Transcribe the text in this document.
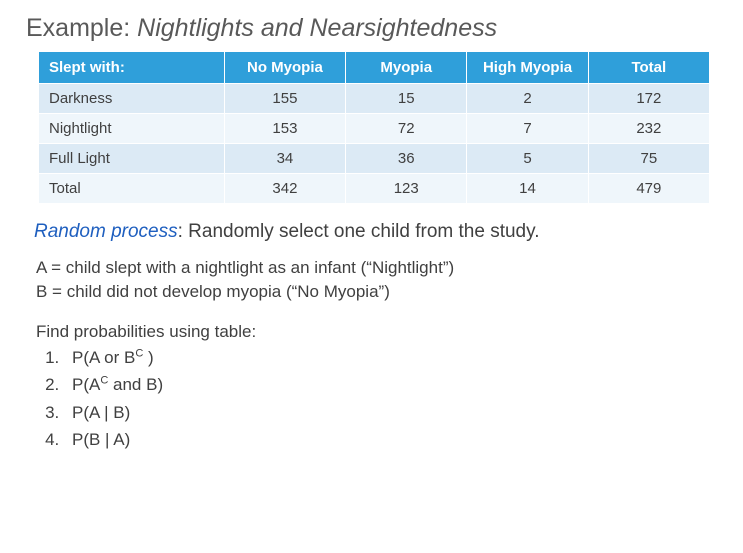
Example: Nightlights and Nearsightedness
Slept with:	No Myopia	Myopia	High Myopia	Total
Darkness	155	15	2	172
Nightlight	153	72	7	232
Full Light	34	36	5	75
Total	342	123	14	479
Random process: Randomly select one child from the study.
A = child slept with a nightlight as an infant (“Nightlight”)
B = child did not develop myopia (“No Myopia”)
Find probabilities using table:
1. P(A or $B^C$ )
2. $P(A^C$ and B)
3. P(A | B)
4. P(B | A)
